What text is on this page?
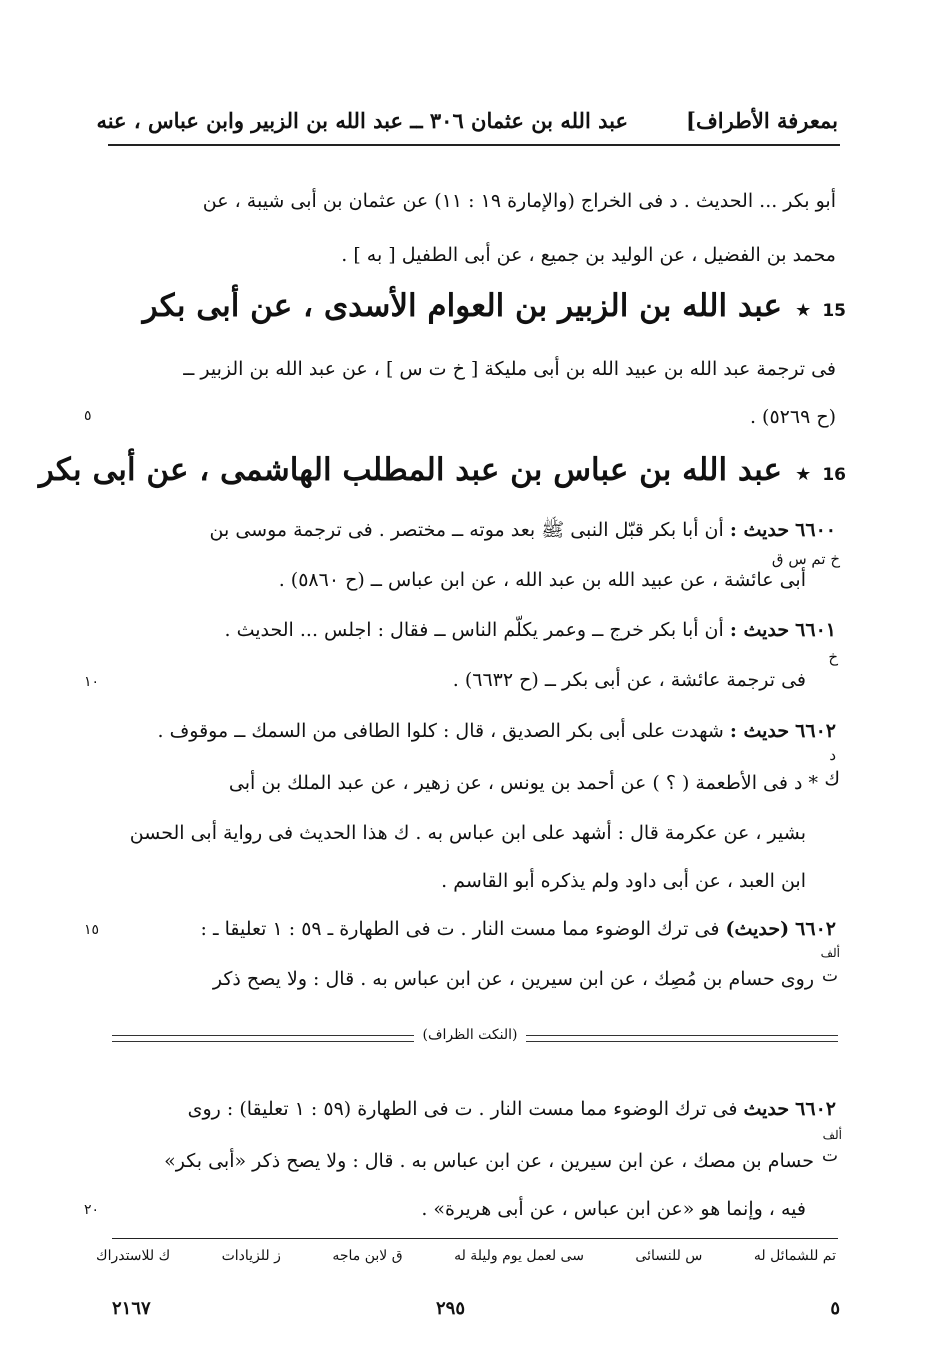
بمعرفة الأطراف]
عبد الله بن عثمان ٣٠٦ ــ عبد الله بن الزبير وابن عباس ، عنه
أبو بكر ... الحديث . د فى الخراج (والإمارة ١٩ : ١١) عن عثمان بن أبى شيبة ، عن
محمد بن الفضيل ، عن الوليد بن جميع ، عن أبى الطفيل [ به ] .
15 ★ عبد الله بن الزبير بن العوام الأسدى ، عن أبى بكر
فى ترجمة عبد الله بن عبيد الله بن أبى مليكة [ خ ت س ] ، عن عبد الله بن الزبير ــ
(ح ٥٢٦٩) .
٥
16 ★ عبد الله بن عباس بن عبد المطلب الهاشمى ، عن أبى بكر
٦٦٠٠ حديث : أن أبا بكر قبّل النبى ﷺ بعد موته ــ مختصر . فى ترجمة موسى بن
خ تم س ق
أبى عائشة ، عن عبيد الله بن عبد الله ، عن ابن عباس ــ (ح ٥٨٦٠) .
٦٦٠١ حديث : أن أبا بكر خرج ــ وعمر يكلّم الناس ــ فقال : اجلس ... الحديث .
خ
فى ترجمة عائشة ، عن أبى بكر ــ (ح ٦٦٣٢) .
١٠
٦٦٠٢ حديث : شهدت على أبى بكر الصديق ، قال : كلوا الطافى من السمك ــ موقوف .
د
ك
* د فى الأطعمة ( ؟ ) عن أحمد بن يونس ، عن زهير ، عن عبد الملك بن أبى
بشير ، عن عكرمة قال : أشهد على ابن عباس به . ك هذا الحديث فى رواية أبى الحسن
ابن العبد ، عن أبى داود ولم يذكره أبو القاسم .
٦٦٠٢ (حديث) فى ترك الوضوء مما مست النار . ت فى الطهارة ـ ٥٩ : ١ تعليقا ـ :
١٥
ألف
ت
روى حسام بن مُصِك ، عن ابن سيرين ، عن ابن عباس به . قال : ولا يصح ذكر
(النكت الظراف)
٦٦٠٢ حديث فى ترك الوضوء مما مست النار . ت فى الطهارة (٥٩ : ١ تعليقا) : روى
ألف
ت
حسام بن مصك ، عن ابن سيرين ، عن ابن عباس به . قال : ولا يصح ذكر «أبى بكر»
فيه ، وإنما هو «عن ابن عباس ، عن أبى هريرة» .
٢٠
تم للشمائل له
س للنسائى
سى لعمل يوم وليلة له
ق لابن ماجه
ز للزيادات
ك للاستدراك
٥
٢٩٥
٢١٦٧
